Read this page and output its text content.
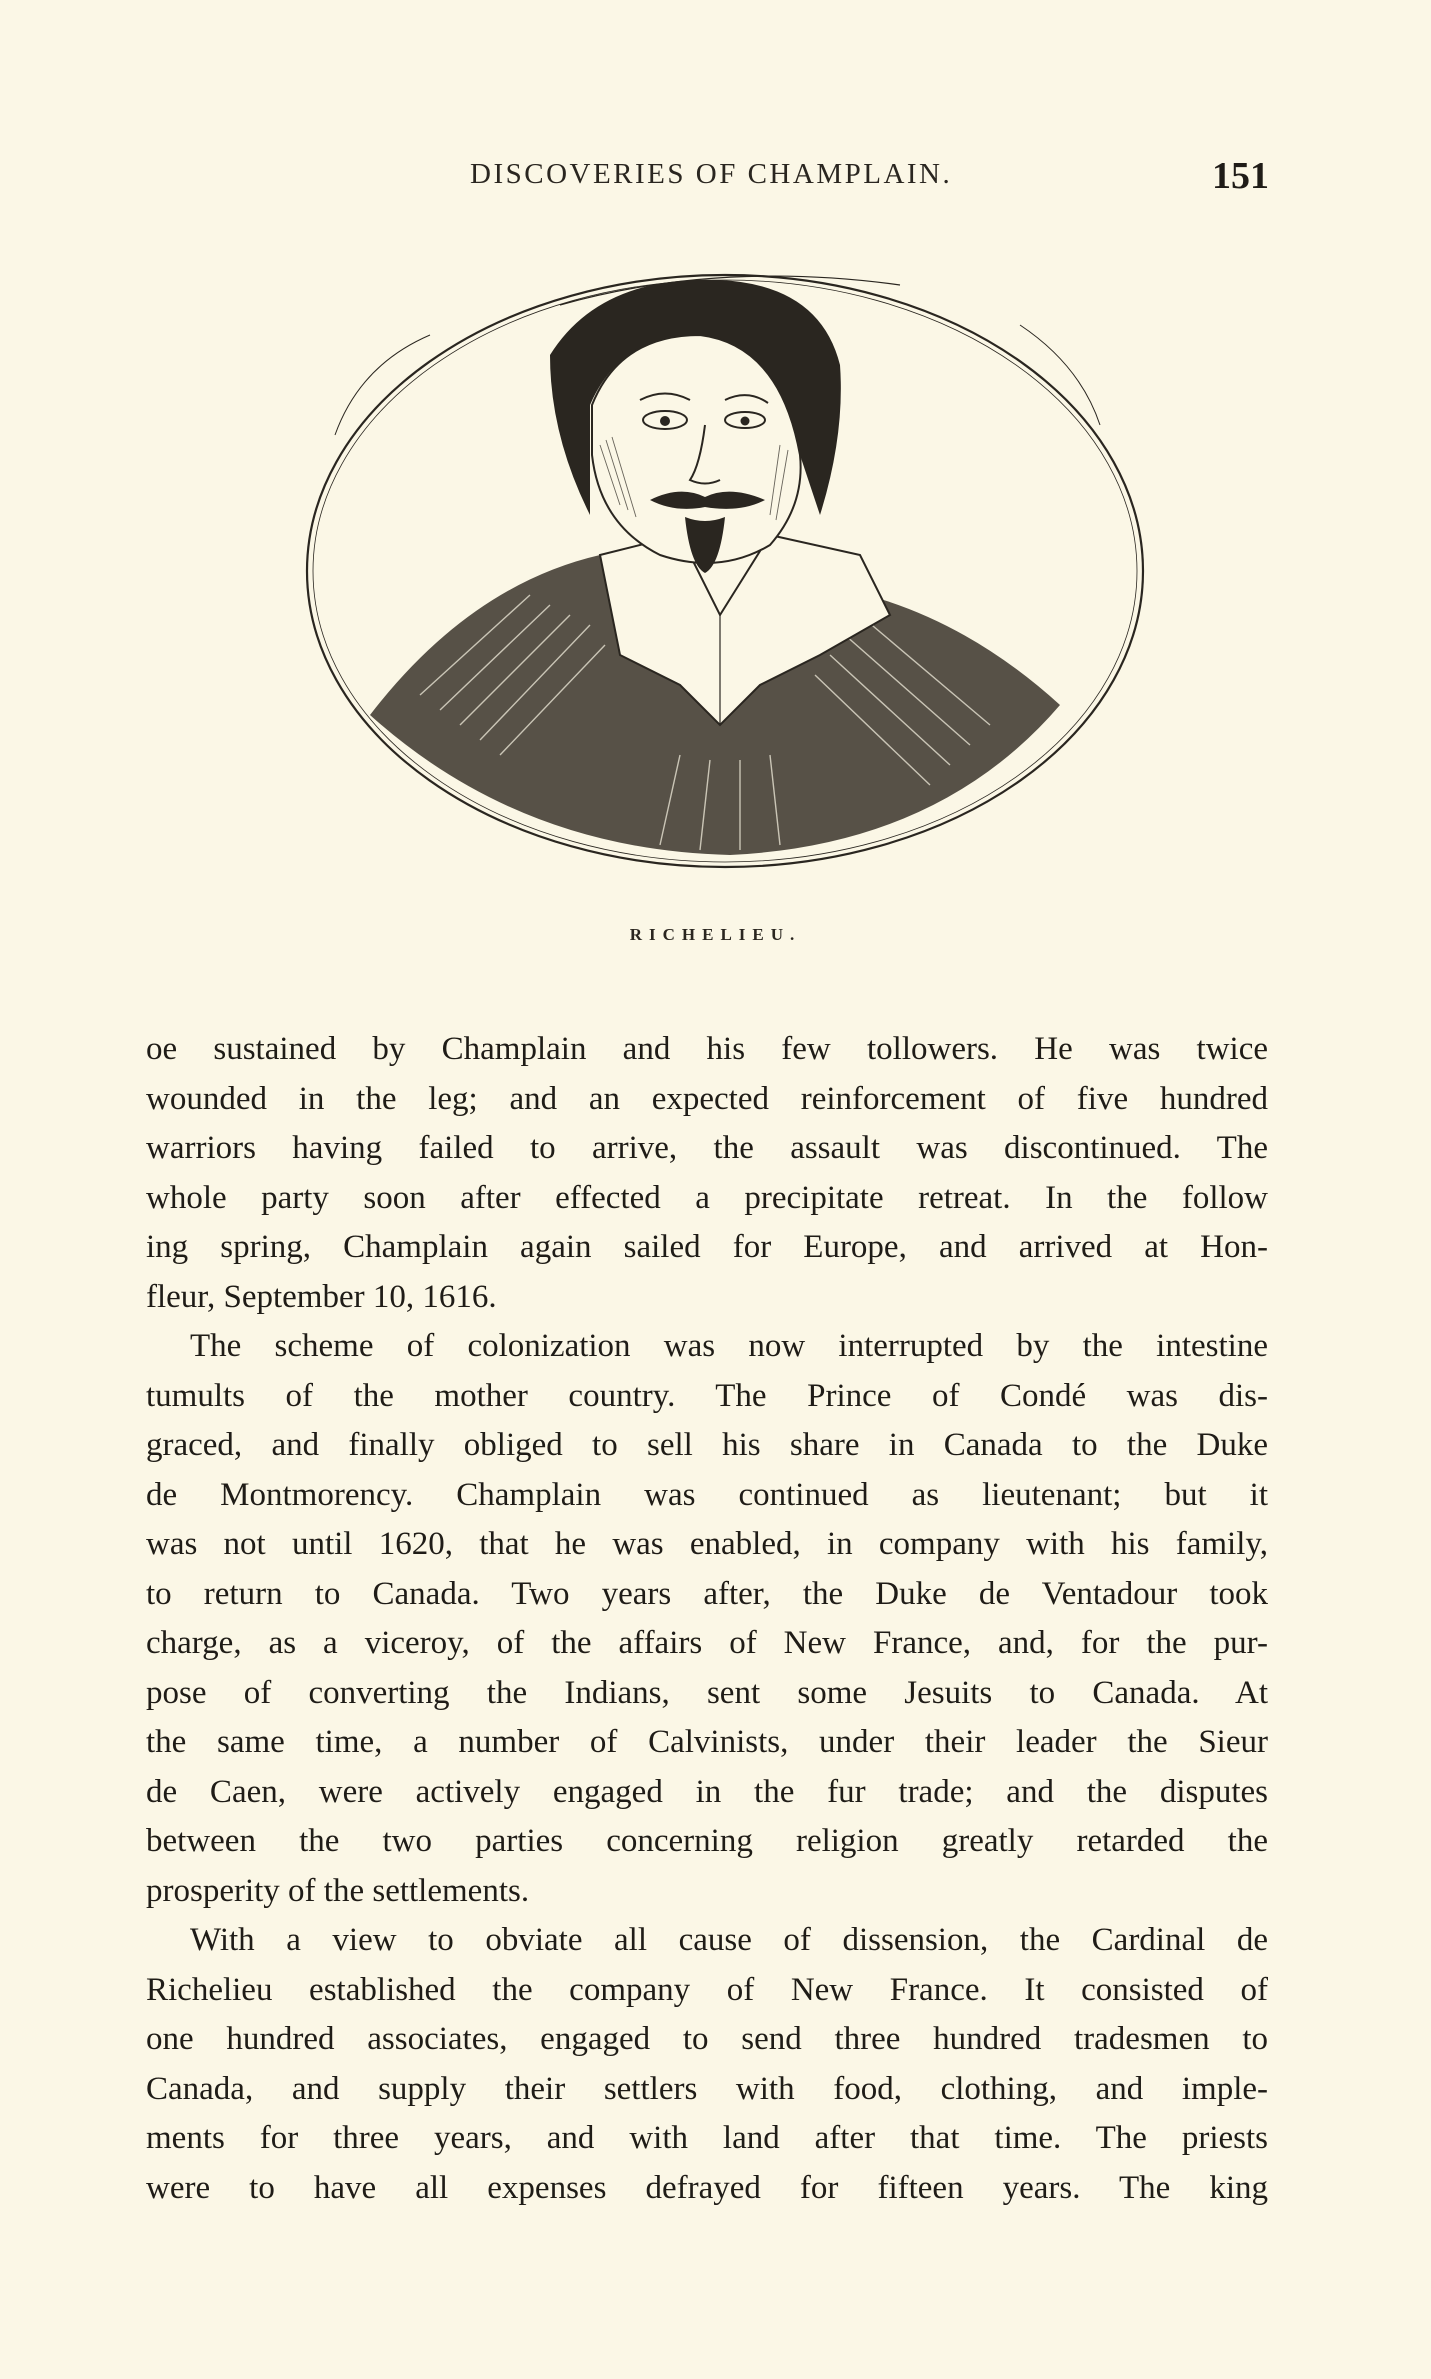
DISCOVERIES OF CHAMPLAIN.	151
RICHELIEU.
oe sustained by Champlain and his few tollowers. He was twice
wounded in the leg; and an expected reinforcement of five hundred
warriors having failed to arrive, the assault was discontinued. The
whole party soon after effected a precipitate retreat. In the follow
ing spring, Champlain again sailed for Europe, and arrived at Hon-
fleur, September 10, 1616.
The scheme of colonization was now interrupted by the intestine
tumults of the mother country. The Prince of Condé was dis-
graced, and finally obliged to sell his share in Canada to the Duke
de Montmorency. Champlain was continued as lieutenant; but it
was not until 1620, that he was enabled, in company with his family,
to return to Canada. Two years after, the Duke de Ventadour took
charge, as a viceroy, of the affairs of New France, and, for the pur-
pose of converting the Indians, sent some Jesuits to Canada. At
the same time, a number of Calvinists, under their leader the Sieur
de Caen, were actively engaged in the fur trade; and the disputes
between the two parties concerning religion greatly retarded the
prosperity of the settlements.
With a view to obviate all cause of dissension, the Cardinal de
Richelieu established the company of New France. It consisted of
one hundred associates, engaged to send three hundred tradesmen to
Canada, and supply their settlers with food, clothing, and imple-
ments for three years, and with land after that time. The priests
were to have all expenses defrayed for fifteen years. The king
